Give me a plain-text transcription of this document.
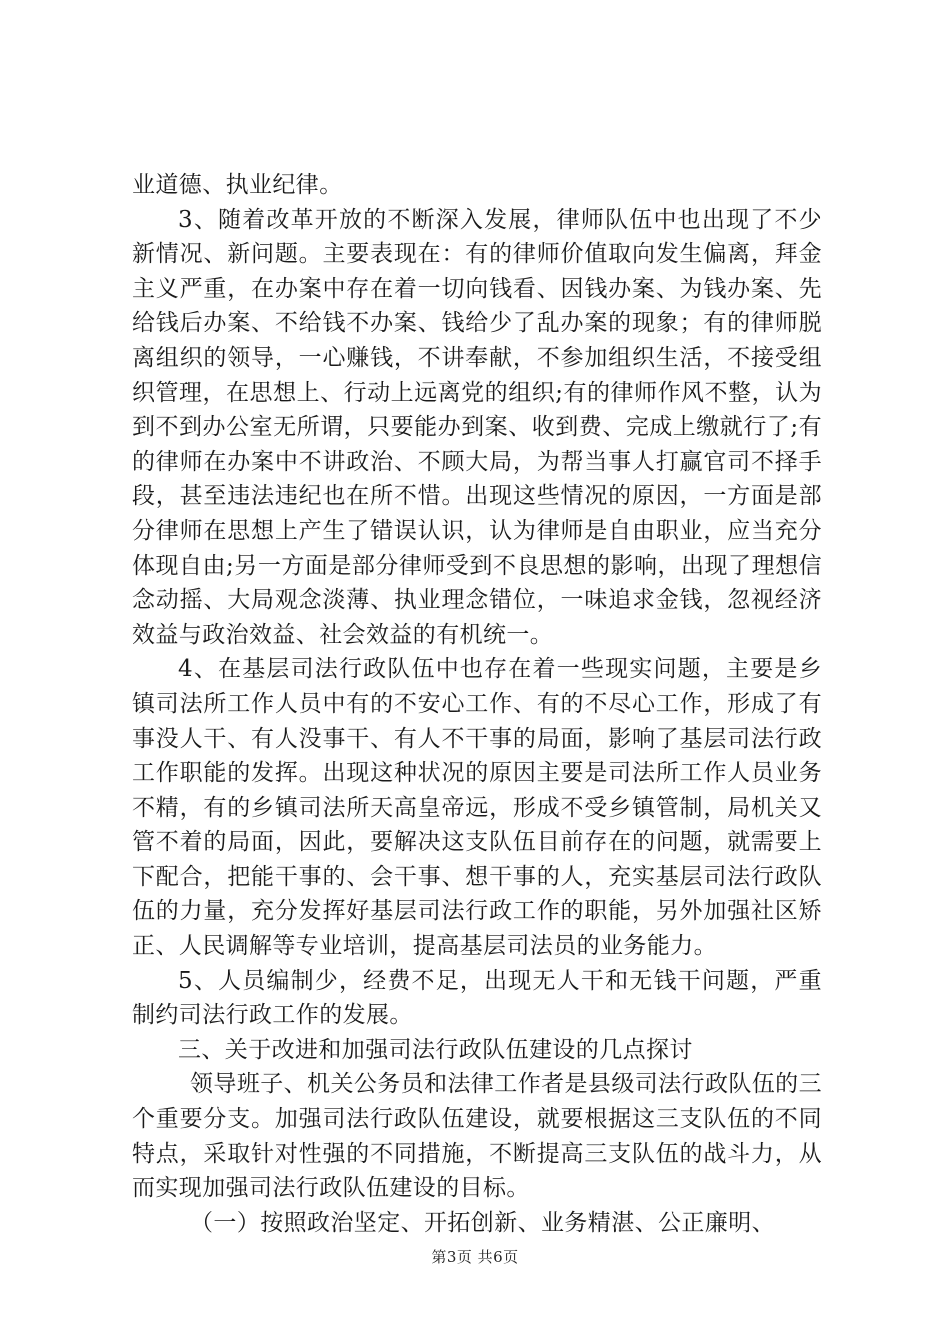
业道德、执业纪律。

3、随着改革开放的不断深入发展，律师队伍中也出现了不少新情况、新问题。主要表现在：有的律师价值取向发生偏离，拜金主义严重，在办案中存在着一切向钱看、因钱办案、为钱办案、先给钱后办案、不给钱不办案、钱给少了乱办案的现象；有的律师脱离组织的领导，一心赚钱，不讲奉献，不参加组织生活，不接受组织管理，在思想上、行动上远离党的组织;有的律师作风不整，认为到不到办公室无所谓，只要能办到案、收到费、完成上缴就行了;有的律师在办案中不讲政治、不顾大局，为帮当事人打赢官司不择手段，甚至违法违纪也在所不惜。出现这些情况的原因，一方面是部分律师在思想上产生了错误认识，认为律师是自由职业，应当充分体现自由;另一方面是部分律师受到不良思想的影响，出现了理想信念动摇、大局观念淡薄、执业理念错位，一味追求金钱，忽视经济效益与政治效益、社会效益的有机统一。

4、在基层司法行政队伍中也存在着一些现实问题，主要是乡镇司法所工作人员中有的不安心工作、有的不尽心工作，形成了有事没人干、有人没事干、有人不干事的局面，影响了基层司法行政工作职能的发挥。出现这种状况的原因主要是司法所工作人员业务不精，有的乡镇司法所天高皇帝远，形成不受乡镇管制，局机关又管不着的局面，因此，要解决这支队伍目前存在的问题，就需要上下配合，把能干事的、会干事、想干事的人，充实基层司法行政队伍的力量，充分发挥好基层司法行政工作的职能，另外加强社区矫正、人民调解等专业培训，提高基层司法员的业务能力。

5、人员编制少，经费不足，出现无人干和无钱干问题，严重制约司法行政工作的发展。

三、关于改进和加强司法行政队伍建设的几点探讨

领导班子、机关公务员和法律工作者是县级司法行政队伍的三个重要分支。加强司法行政队伍建设，就要根据这三支队伍的不同特点，采取针对性强的不同措施，不断提高三支队伍的战斗力，从而实现加强司法行政队伍建设的目标。

（一）按照政治坚定、开拓创新、业务精湛、公正廉明、

第3页 共6页
